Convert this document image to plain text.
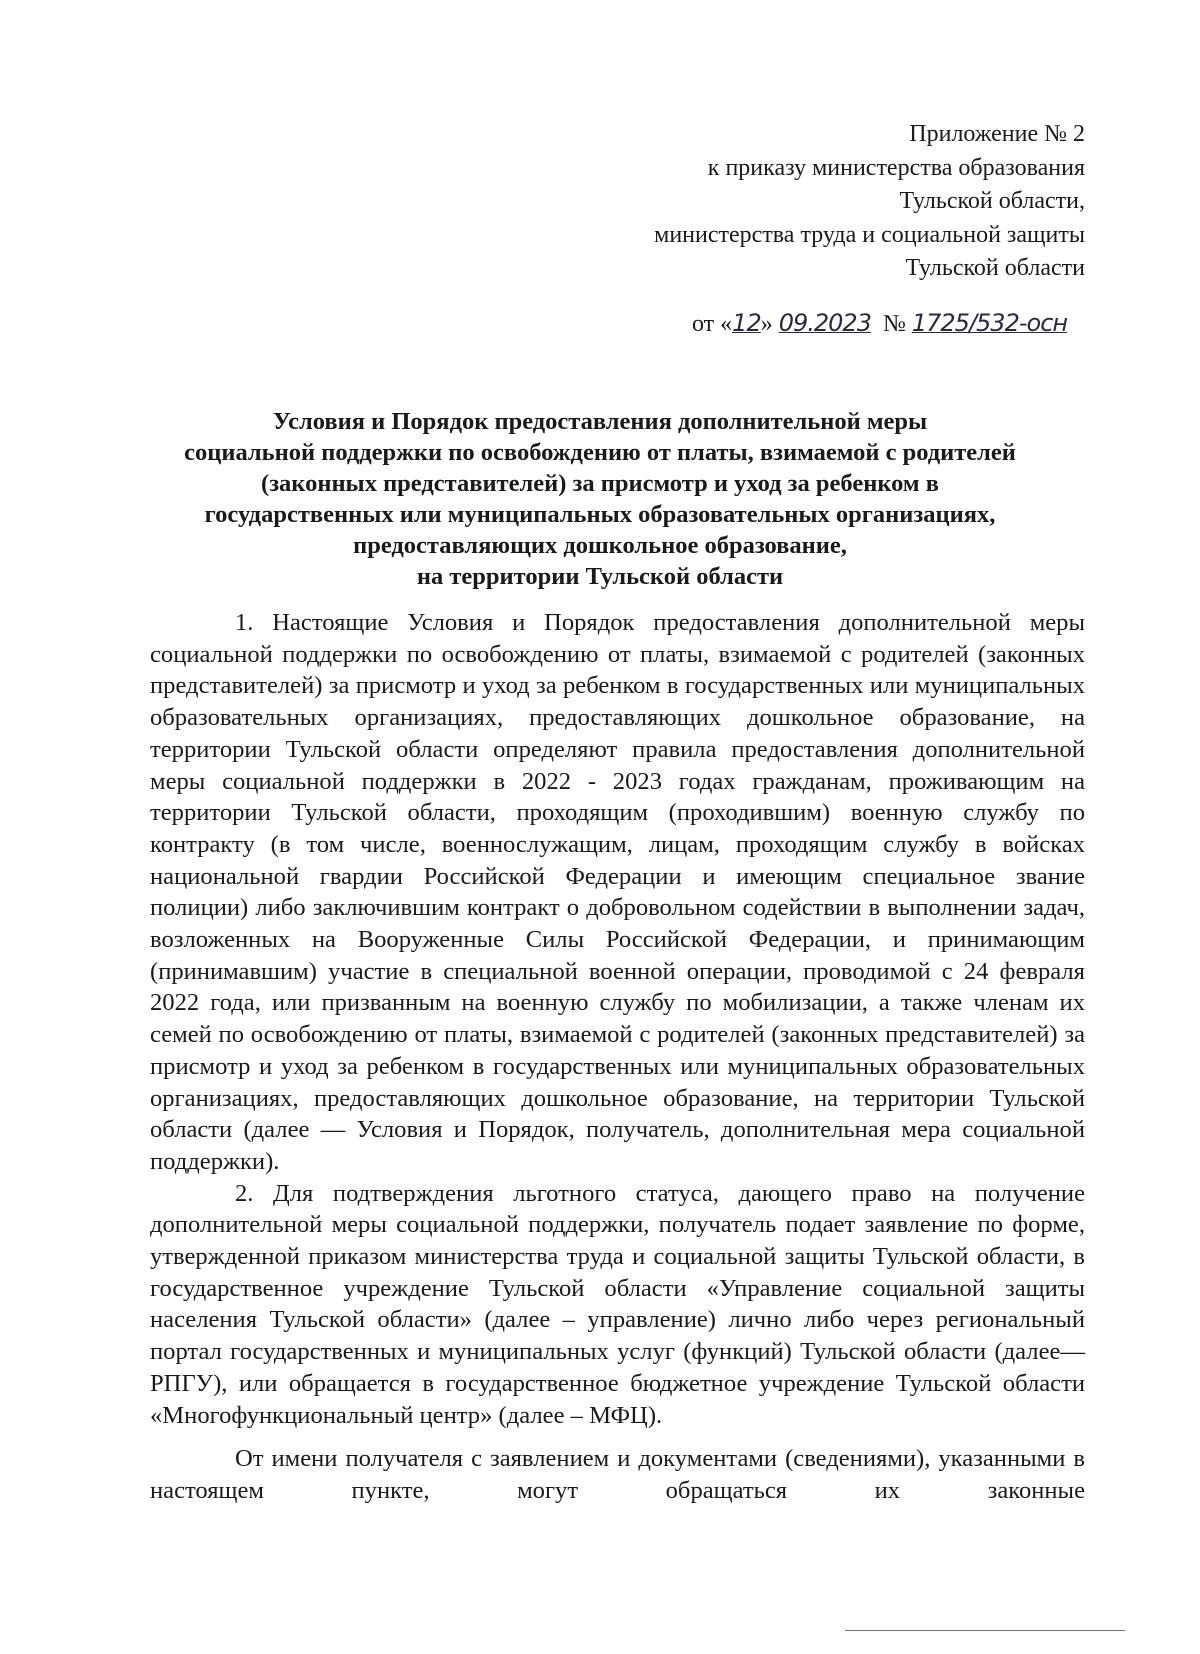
Приложение № 2
к приказу министерства образования
Тульской области,
министерства труда и социальной защиты
Тульской области
от «12» 09.2023 № 1725/532-осн
Условия и Порядок предоставления дополнительной меры
социальной поддержки по освобождению от платы, взимаемой с родителей
(законных представителей) за присмотр и уход за ребенком в
государственных или муниципальных образовательных организациях,
предоставляющих дошкольное образование,
на территории Тульской области

1. Настоящие Условия и Порядок предоставления дополнительной меры социальной поддержки по освобождению от платы, взимаемой с родителей (законных представителей) за присмотр и уход за ребенком в государственных или муниципальных образовательных организациях, предоставляющих дошкольное образование, на территории Тульской области определяют правила предоставления дополнительной меры социальной поддержки в 2022 - 2023 годах гражданам, проживающим на территории Тульской области, проходящим (проходившим) военную службу по контракту (в том числе, военнослужащим, лицам, проходящим службу в войсках национальной гвардии Российской Федерации и имеющим специальное звание полиции) либо заключившим контракт о добровольном содействии в выполнении задач, возложенных на Вооруженные Силы Российской Федерации, и принимающим (принимавшим) участие в специальной военной операции, проводимой с 24 февраля 2022 года, или призванным на военную службу по мобилизации, а также членам их семей по освобождению от платы, взимаемой с родителей (законных представителей) за присмотр и уход за ребенком в государственных или муниципальных образовательных организациях, предоставляющих дошкольное образование, на территории Тульской области (далее — Условия и Порядок, получатель, дополнительная мера социальной поддержки).

2. Для подтверждения льготного статуса, дающего право на получение дополнительной меры социальной поддержки, получатель подает заявление по форме, утвержденной приказом министерства труда и социальной защиты Тульской области, в государственное учреждение Тульской области «Управление социальной защиты населения Тульской области» (далее – управление) лично либо через региональный портал государственных и муниципальных услуг (функций) Тульской области (далее— РПГУ), или обращается в государственное бюджетное учреждение Тульской области «Многофункциональный центр» (далее – МФЦ).

От имени получателя с заявлением и документами (сведениями), указанными в настоящем пункте, могут обращаться их законные
